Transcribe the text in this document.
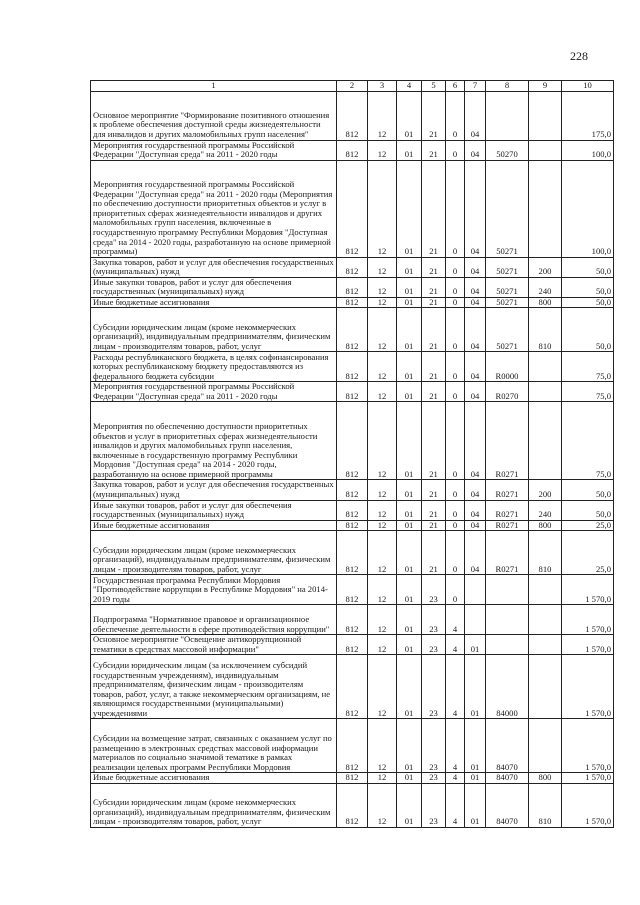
228
1	2	3	4	5	6	7	8	9	10
Основное мероприятие "Формирование позитивного отношения к проблеме обеспечения доступной среды жизнедеятельности для инвалидов и других маломобильных групп населения"	812	12	01	21	0	04			175,0
Мероприятия государственной программы Российской Федерации "Доступная среда" на 2011 - 2020 годы	812	12	01	21	0	04	50270		100,0
Мероприятия государственной программы Российской Федерации "Доступная среда" на 2011 - 2020 годы (Мероприятия по обеспечению доступности приоритетных объектов и услуг в приоритетных сферах жизнедеятельности инвалидов и других маломобильных групп населения, включенные в государственную программу Республики Мордовия "Доступная среда" на 2014 - 2020 годы, разработанную на основе примерной программы)	812	12	01	21	0	04	50271		100,0
Закупка товаров, работ и услуг для обеспечения государственных (муниципальных) нужд	812	12	01	21	0	04	50271	200	50,0
Иные закупки товаров, работ и услуг для обеспечения государственных (муниципальных) нужд	812	12	01	21	0	04	50271	240	50,0
Иные бюджетные ассигнования	812	12	01	21	0	04	50271	800	50,0
Субсидии юридическим лицам (кроме некоммерческих организаций), индивидуальным предпринимателям, физическим лицам - производителям товаров, работ, услуг	812	12	01	21	0	04	50271	810	50,0
Расходы республиканского бюджета, в целях софинансирования которых республиканскому бюджету предоставляются из федерального бюджета субсидии	812	12	01	21	0	04	R0000		75,0
Мероприятия государственной программы Российской Федерации "Доступная среда" на 2011 - 2020 годы	812	12	01	21	0	04	R0270		75,0
Мероприятия по обеспечению доступности приоритетных объектов и услуг в приоритетных сферах жизнедеятельности инвалидов и других маломобильных групп населения, включенные в государственную программу Республики Мордовия "Доступная среда" на 2014 - 2020 годы, разработанную на основе примерной программы	812	12	01	21	0	04	R0271		75,0
Закупка товаров, работ и услуг для обеспечения государственных (муниципальных) нужд	812	12	01	21	0	04	R0271	200	50,0
Иные закупки товаров, работ и услуг для обеспечения государственных (муниципальных) нужд	812	12	01	21	0	04	R0271	240	50,0
Иные бюджетные ассигнования	812	12	01	21	0	04	R0271	800	25,0
Субсидии юридическим лицам (кроме некоммерческих организаций), индивидуальным предпринимателям, физическим лицам - производителям товаров, работ, услуг	812	12	01	21	0	04	R0271	810	25,0
Государственная программа Республики Мордовия "Противодействие коррупции в Республике Мордовия" на 2014-2019 годы	812	12	01	23	0				1 570,0
Подпрограмма "Нормативное правовое и организационное обеспечение деятельности в сфере противодействия коррупции"	812	12	01	23	4				1 570,0
Основное мероприятие "Освещение антикоррупционной тематики в средствах массовой информации"	812	12	01	23	4	01			1 570,0
Субсидии юридическим лицам (за исключением субсидий государственным учреждениям), индивидуальным предпринимателям, физическим лицам - производителям товаров, работ, услуг, а также некоммерческим организациям, не являющимся государственными (муниципальными) учреждениями	812	12	01	23	4	01	84000		1 570,0
Субсидии на возмещение затрат, связанных с оказанием услуг по размещению в электронных средствах массовой информации материалов по социально значимой тематике в рамках реализации целевых программ Республики Мордовия	812	12	01	23	4	01	84070		1 570,0
Иные бюджетные ассигнования	812	12	01	23	4	01	84070	800	1 570,0
Субсидии юридическим лицам (кроме некоммерческих организаций), индивидуальным предпринимателям, физическим лицам - производителям товаров, работ, услуг	812	12	01	23	4	01	84070	810	1 570,0
